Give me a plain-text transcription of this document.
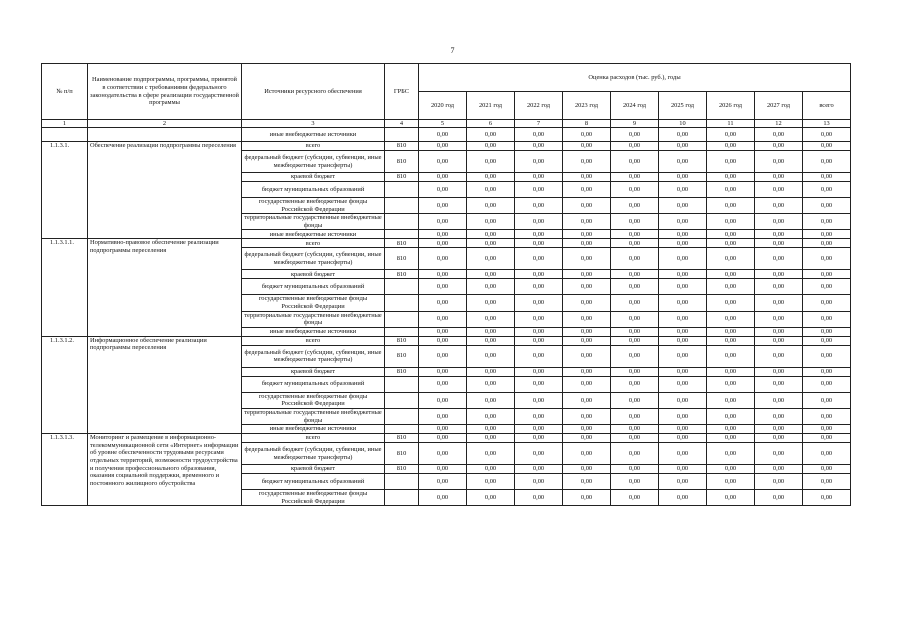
7
№ п/п	Наименование подпрограммы, программы, принятой в соответствии с требованиями федерального законодательства в сфере реализации государственной программы	Источники ресурсного обеспечения	ГРБС	Оценка расходов (тыс. руб.), годы								
				2020 год	2021 год	2022 год	2023 год	2024 год	2025 год	2026 год	2027 год	всего
1	2	3	4	5	6	7	8	9	10	11	12	13
		иные внебюджетные источники		0,00	0,00	0,00	0,00	0,00	0,00	0,00	0,00	0,00
1.1.3.1.	Обеспечение реализации подпрограммы переселения	всего	810	0,00	0,00	0,00	0,00	0,00	0,00	0,00	0,00	0,00
		федеральный бюджет (субсидии, субвенции, иные межбюджетные трансферты)	810	0,00	0,00	0,00	0,00	0,00	0,00	0,00	0,00	0,00
		краевой бюджет	810	0,00	0,00	0,00	0,00	0,00	0,00	0,00	0,00	0,00
		бюджет муниципальных образований		0,00	0,00	0,00	0,00	0,00	0,00	0,00	0,00	0,00
		государственные внебюджетные фонды Российской Федерации		0,00	0,00	0,00	0,00	0,00	0,00	0,00	0,00	0,00
		территориальные государственные внебюджетные фонды		0,00	0,00	0,00	0,00	0,00	0,00	0,00	0,00	0,00
		иные внебюджетные источники		0,00	0,00	0,00	0,00	0,00	0,00	0,00	0,00	0,00
1.1.3.1.1.	Нормативно-правовое обеспечение реализации подпрограммы переселения	всего	810	0,00	0,00	0,00	0,00	0,00	0,00	0,00	0,00	0,00
		федеральный бюджет (субсидии, субвенции, иные межбюджетные трансферты)	810	0,00	0,00	0,00	0,00	0,00	0,00	0,00	0,00	0,00
		краевой бюджет	810	0,00	0,00	0,00	0,00	0,00	0,00	0,00	0,00	0,00
		бюджет муниципальных образований		0,00	0,00	0,00	0,00	0,00	0,00	0,00	0,00	0,00
		государственные внебюджетные фонды Российской Федерации		0,00	0,00	0,00	0,00	0,00	0,00	0,00	0,00	0,00
		территориальные государственные внебюджетные фонды		0,00	0,00	0,00	0,00	0,00	0,00	0,00	0,00	0,00
		иные внебюджетные источники		0,00	0,00	0,00	0,00	0,00	0,00	0,00	0,00	0,00
1.1.3.1.2.	Информационное обеспечение реализации подпрограммы переселения	всего	810	0,00	0,00	0,00	0,00	0,00	0,00	0,00	0,00	0,00
		федеральный бюджет (субсидии, субвенции, иные межбюджетные трансферты)	810	0,00	0,00	0,00	0,00	0,00	0,00	0,00	0,00	0,00
		краевой бюджет	810	0,00	0,00	0,00	0,00	0,00	0,00	0,00	0,00	0,00
		бюджет муниципальных образований		0,00	0,00	0,00	0,00	0,00	0,00	0,00	0,00	0,00
		государственные внебюджетные фонды Российской Федерации		0,00	0,00	0,00	0,00	0,00	0,00	0,00	0,00	0,00
		территориальные государственные внебюджетные фонды		0,00	0,00	0,00	0,00	0,00	0,00	0,00	0,00	0,00
		иные внебюджетные источники		0,00	0,00	0,00	0,00	0,00	0,00	0,00	0,00	0,00
1.1.3.1.3.	Мониторинг и размещение в информационно-телекоммуникационной сети «Интернет» информации об уровне обеспеченности трудовыми ресурсами отдельных территорий, возможности трудоустройства и получения профессионального образования, оказания социальной поддержки, временного и постоянного жилищного обустройства	всего	810	0,00	0,00	0,00	0,00	0,00	0,00	0,00	0,00	0,00
		федеральный бюджет (субсидии, субвенции, иные межбюджетные трансферты)	810	0,00	0,00	0,00	0,00	0,00	0,00	0,00	0,00	0,00
		краевой бюджет	810	0,00	0,00	0,00	0,00	0,00	0,00	0,00	0,00	0,00
		бюджет муниципальных образований		0,00	0,00	0,00	0,00	0,00	0,00	0,00	0,00	0,00
		государственные внебюджетные фонды Российской Федерации		0,00	0,00	0,00	0,00	0,00	0,00	0,00	0,00	0,00
